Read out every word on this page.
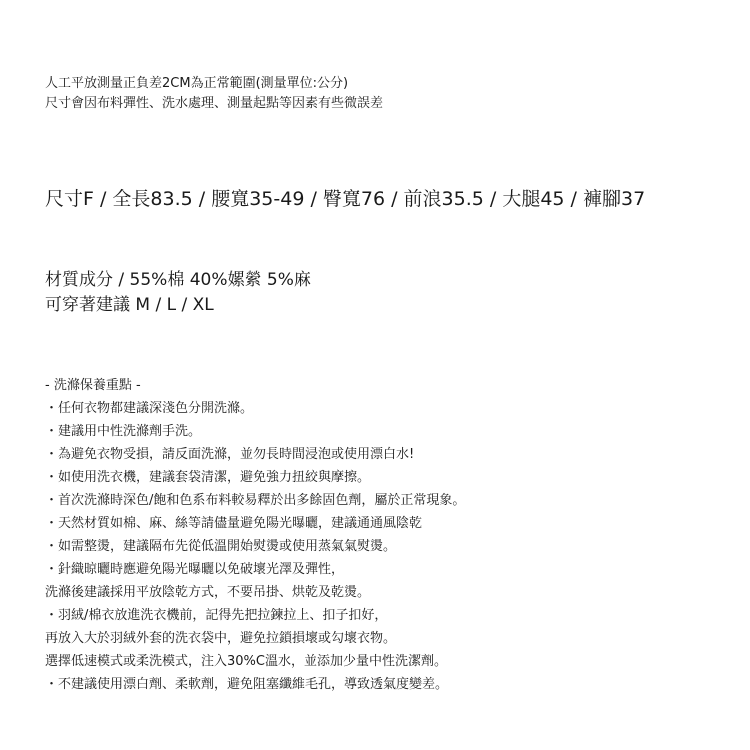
人工平放測量正負差2CM為正常範圍(測量單位:公分)
尺寸會因布料彈性、洗水處理、測量起點等因素有些微誤差
尺寸F / 全長83.5 / 腰寬35-49 / 臀寬76 / 前浪35.5 / 大腿45 / 褲腳37
材質成分 / 55%棉 40%嫘縈 5%麻
可穿著建議 M / L / XL
- 洗滌保養重點 -
・任何衣物都建議深淺色分開洗滌。
・建議用中性洗滌劑手洗。
・為避免衣物受損，請反面洗滌，並勿長時間浸泡或使用漂白水!
・如使用洗衣機，建議套袋清潔，避免強力扭絞與摩擦。
・首次洗滌時深色/飽和色系布料較易釋於出多餘固色劑，屬於正常現象。
・天然材質如棉、麻、絲等請儘量避免陽光曝曬，建議通通風陰乾
・如需整燙，建議隔布先從低溫開始熨燙或使用蒸氣氣熨燙。
・針織晾曬時應避免陽光曝曬以免破壞光澤及彈性，
洗滌後建議採用平放陰乾方式，不要吊掛、烘乾及乾燙。
・羽絨/棉衣放進洗衣機前，記得先把拉鍊拉上、扣子扣好，
再放入大於羽絨外套的洗衣袋中，避免拉鎖損壞或勾壞衣物。
選擇低速模式或柔洗模式，注入30%C溫水，並添加少量中性洗潔劑。
・不建議使用漂白劑、柔軟劑，避免阻塞纖維毛孔，導致透氣度變差。
